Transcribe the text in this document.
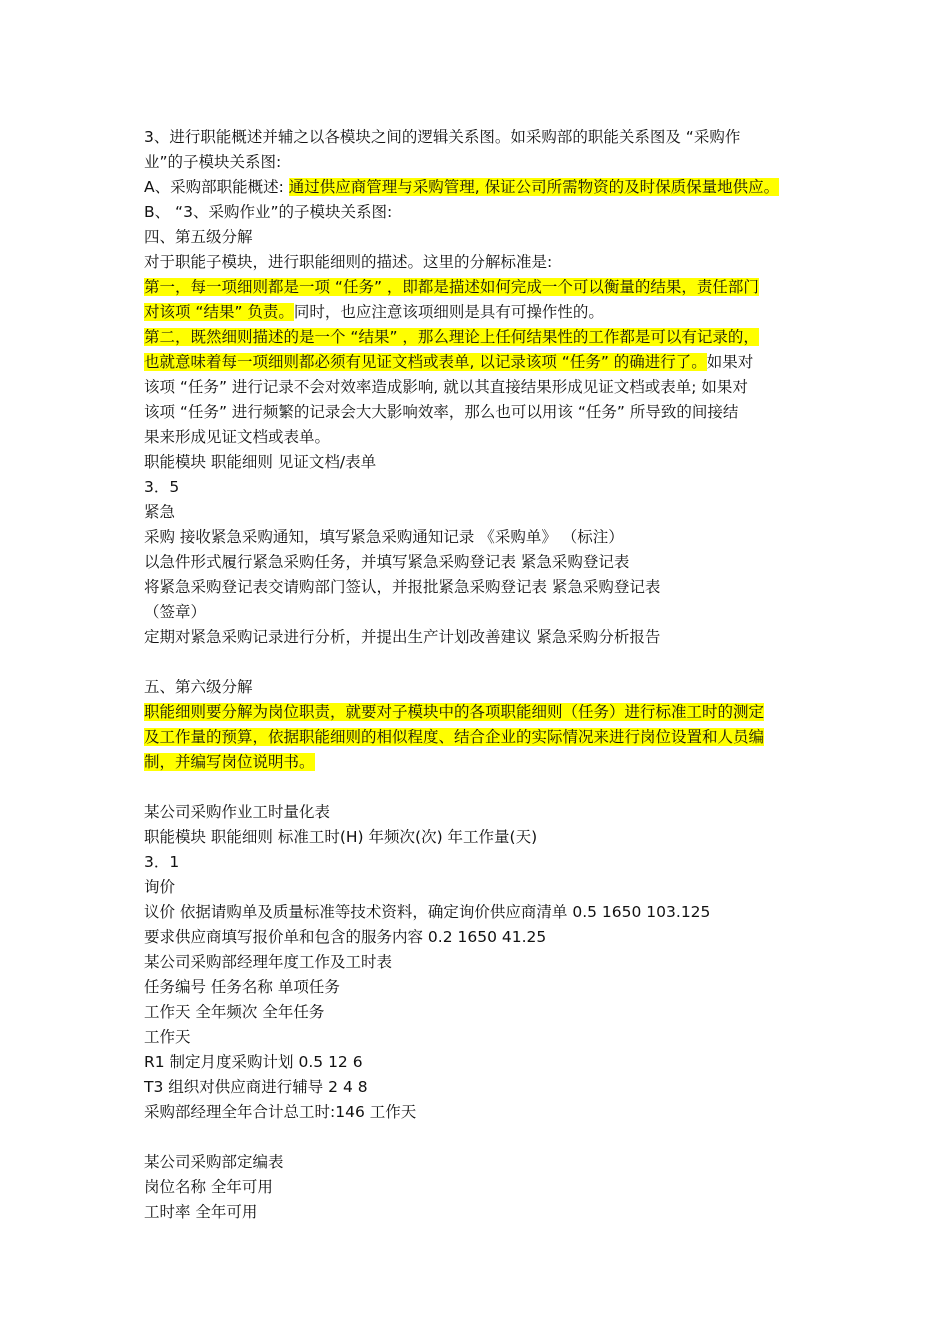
3、进行职能概述并辅之以各模块之间的逻辑关系图。如采购部的职能关系图及 “采购作
业”的子模块关系图:
A、采购部职能概述: 通过供应商管理与采购管理, 保证公司所需物资的及时保质保量地供应。
B、 “3、采购作业”的子模块关系图:
四、第五级分解
对于职能子模块，进行职能细则的描述。这里的分解标准是:
第一，每一项细则都是一项 “任务” ，即都是描述如何完成一个可以衡量的结果，责任部门
对该项 “结果” 负责。同时，也应注意该项细则是具有可操作性的。
第二，既然细则描述的是一个 “结果” ，那么理论上任何结果性的工作都是可以有记录的，
也就意味着每一项细则都必须有见证文档或表单, 以记录该项 “任务” 的确进行了。如果对
该项 “任务” 进行记录不会对效率造成影响, 就以其直接结果形成见证文档或表单; 如果对
该项 “任务” 进行频繁的记录会大大影响效率，那么也可以用该 “任务” 所导致的间接结
果来形成见证文档或表单。
职能模块 职能细则 见证文档/表单
3．5
紧急
采购 接收紧急采购通知，填写紧急采购通知记录 《采购单》 （标注）
以急件形式履行紧急采购任务，并填写紧急采购登记表 紧急采购登记表
将紧急采购登记表交请购部门签认，并报批紧急采购登记表 紧急采购登记表
（签章）
定期对紧急采购记录进行分析，并提出生产计划改善建议 紧急采购分析报告
五、第六级分解
职能细则要分解为岗位职责，就要对子模块中的各项职能细则（任务）进行标准工时的测定
及工作量的预算，依据职能细则的相似程度、结合企业的实际情况来进行岗位设置和人员编
制，并编写岗位说明书。
某公司采购作业工时量化表
职能模块 职能细则 标准工时(H) 年频次(次) 年工作量(天)
3．1
询价
议价 依据请购单及质量标准等技术资料，确定询价供应商清单 0.5 1650 103.125
要求供应商填写报价单和包含的服务内容 0.2 1650 41.25
某公司采购部经理年度工作及工时表
任务编号 任务名称 单项任务
工作天 全年频次 全年任务
工作天
R1 制定月度采购计划 0.5 12 6
T3 组织对供应商进行辅导 2 4 8
采购部经理全年合计总工时:146 工作天
某公司采购部定编表
岗位名称 全年可用
工时率 全年可用
